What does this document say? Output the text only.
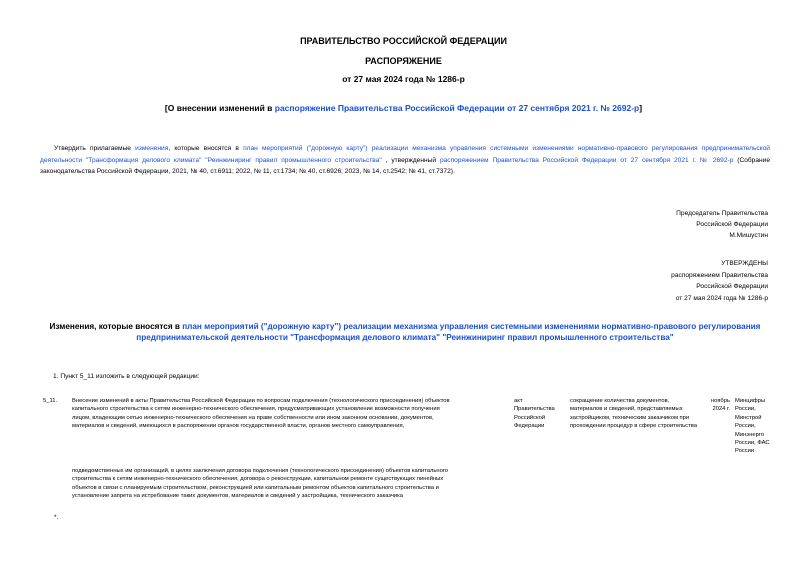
ПРАВИТЕЛЬСТВО РОССИЙСКОЙ ФЕДЕРАЦИИ
РАСПОРЯЖЕНИЕ
от 27 мая 2024 года № 1286-р
[О внесении изменений в распоряжение Правительства Российской Федерации от 27 сентября 2021 г. № 2692-р]
Утвердить прилагаемые изменения, которые вносятся в план мероприятий ("дорожную карту") реализации механизма управления системными изменениями нормативно-правового регулирования предпринимательской деятельности "Трансформация делового климата" "Реинжиниринг правил промышленного строительства" , утвержденный распоряжением Правительства Российской Федерации от 27 сентября 2021 г. № 2692-р (Собрание законодательства Российской Федерации, 2021, № 40, ст.6911; 2022, № 11, ст.1734; № 40, ст.6926; 2023, № 14, ст.2542; № 41, ст.7372).
Председатель Правительства
Российской Федерации
М.Мишустин
УТВЕРЖДЕНЫ
распоряжением Правительства
Российской Федерации
от 27 мая 2024 года № 1286-р
Изменения, которые вносятся в план мероприятий ("дорожную карту") реализации механизма управления системными изменениями нормативно-правового регулирования предпринимательской деятельности "Трансформация делового климата" "Реинжиниринг правил промышленного строительства"
1. Пункт 5_11 изложить в следующей редакции:
5_11.	Внесение изменений в акты Правительства Российской Федерации по вопросам подключения (технологического присоединения) объектов капитального строительства к сетям инженерно-технического обеспечения, предусматривающих установление возможности получения лицом, владеющим сетью инженерно-технического обеспечения на праве собственности или ином законном основании, документов, материалов и сведений, имеющихся в распоряжении органов государственной власти, органов местного самоуправления,
подведомственных им организаций, в целях заключения договора подключения (технологического присоединения) объектов капитального строительства к сетям инженерно-технического обеспечения, договора о реконструкции, капитальном ремонте существующих линейных объектов в связи с планируемым строительством, реконструкцией или капитальным ремонтом объектов капитального строительства и установление запрета на истребование таких документов, материалов и сведений у застройщика, технического заказчика
акт Правительства Российской Федерации
сокращение количества документов, материалов и сведений, представляемых застройщиком, техническим заказчиком при прохождении процедур в сфере строительства
ноябрь 2024 г.
Минцифры России, Минстрой России, Минэнерго России, ФАС России
*.
